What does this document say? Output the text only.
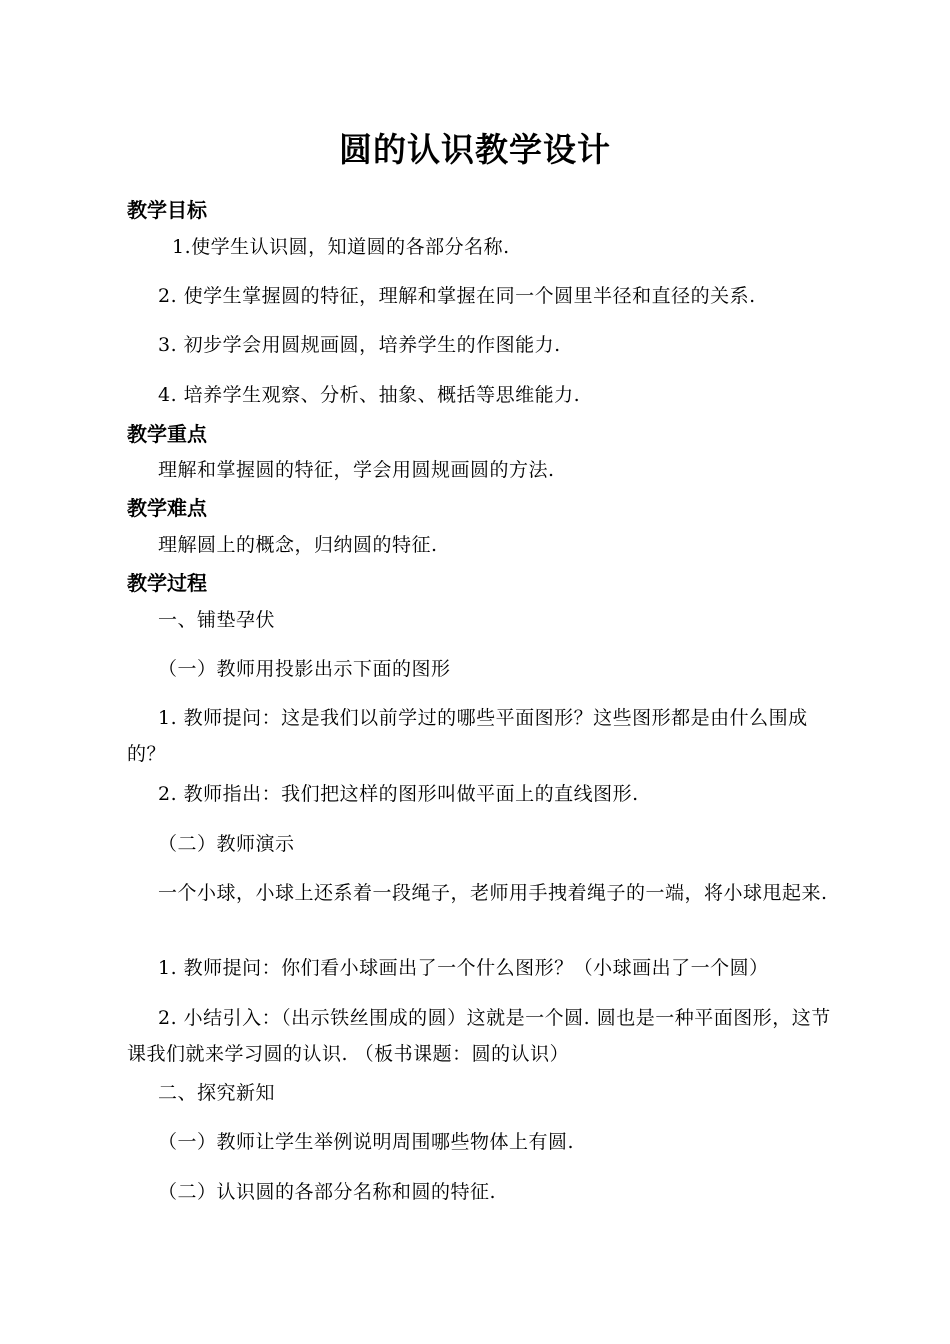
圆的认识教学设计
教学目标
1.使学生认识圆，知道圆的各部分名称.
2. 使学生掌握圆的特征，理解和掌握在同一个圆里半径和直径的关系.
3. 初步学会用圆规画圆，培养学生的作图能力.
4. 培养学生观察、分析、抽象、概括等思维能力.
教学重点
理解和掌握圆的特征，学会用圆规画圆的方法.
教学难点
理解圆上的概念，归纳圆的特征.
教学过程
一、铺垫孕伏
（一）教师用投影出示下面的图形
1. 教师提问：这是我们以前学过的哪些平面图形？这些图形都是由什么围成的？
2. 教师指出：我们把这样的图形叫做平面上的直线图形.
（二）教师演示
一个小球，小球上还系着一段绳子，老师用手拽着绳子的一端，将小球甩起来.
1. 教师提问：你们看小球画出了一个什么图形？（小球画出了一个圆）
2. 小结引入：（出示铁丝围成的圆）这就是一个圆. 圆也是一种平面图形，这节课我们就来学习圆的认识. （板书课题：圆的认识）
二、探究新知
（一）教师让学生举例说明周围哪些物体上有圆.
（二）认识圆的各部分名称和圆的特征.
